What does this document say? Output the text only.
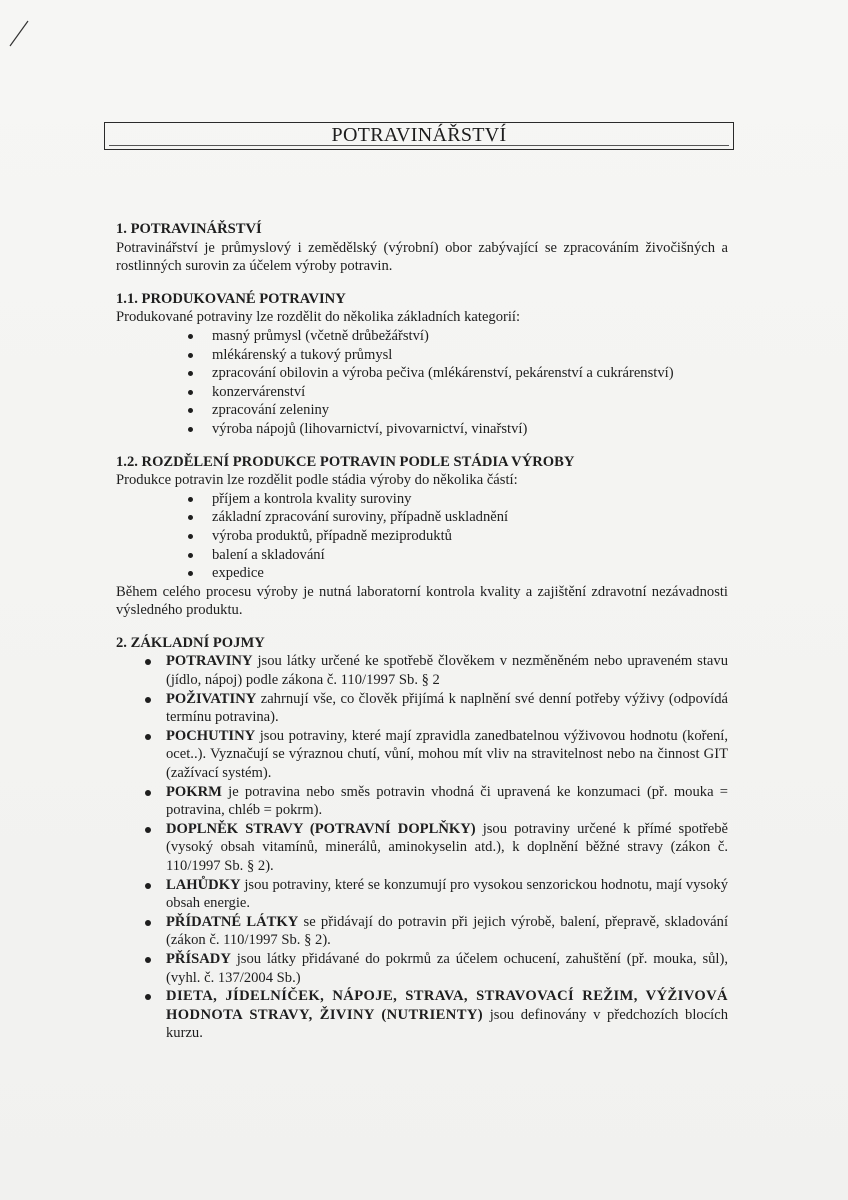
POTRAVINÁŘSTVÍ

1. POTRAVINÁŘSTVÍ

Potravinářství je průmyslový i zemědělský (výrobní) obor zabývající se zpracováním živočišných a rostlinných surovin za účelem výroby potravin.

1.1. PRODUKOVANÉ POTRAVINY

Produkované potraviny lze rozdělit do několika základních kategorií:

masný průmysl (včetně drůbežářství)
mlékárenský a tukový průmysl
zpracování obilovin a výroba pečiva (mlékárenství, pekárenství a cukrárenství)
konzervárenství
zpracování zeleniny
výroba nápojů (lihovarnictví, pivovarnictví, vinařství)

1.2. ROZDĚLENÍ PRODUKCE POTRAVIN PODLE STÁDIA VÝROBY

Produkce potravin lze rozdělit podle stádia výroby do několika částí:

příjem a kontrola kvality suroviny
základní zpracování suroviny, případně uskladnění
výroba produktů, případně meziproduktů
balení a skladování
expedice

Během celého procesu výroby je nutná laboratorní kontrola kvality a zajištění zdravotní nezávadnosti výsledného produktu.

2. ZÁKLADNÍ POJMY

POTRAVINY jsou látky určené ke spotřebě člověkem v nezměněném nebo upraveném stavu (jídlo, nápoj) podle zákona č. 110/1997 Sb. § 2
POŽIVATINY zahrnují vše, co člověk přijímá k naplnění své denní potřeby výživy (odpovídá termínu potravina).
POCHUTINY jsou potraviny, které mají zpravidla zanedbatelnou výživovou hodnotu (koření, ocet..). Vyznačují se výraznou chutí, vůní, mohou mít vliv na stravitelnost nebo na činnost GIT (zažívací systém).
POKRM je potravina nebo směs potravin vhodná či upravená ke konzumaci (př. mouka = potravina, chléb = pokrm).
DOPLNĚK STRAVY (POTRAVNÍ DOPLŇKY) jsou potraviny určené k přímé spotřebě (vysoký obsah vitamínů, minerálů, aminokyselin atd.), k doplnění běžné stravy (zákon č. 110/1997 Sb. § 2).
LAHŮDKY jsou potraviny, které se konzumují pro vysokou senzorickou hodnotu, mají vysoký obsah energie.
PŘÍDATNÉ LÁTKY se přidávají do potravin při jejich výrobě, balení, přepravě, skladování (zákon č. 110/1997 Sb. § 2).
PŘÍSADY jsou látky přidávané do pokrmů za účelem ochucení, zahuštění (př. mouka, sůl), (vyhl. č. 137/2004 Sb.)
DIETA, JÍDELNÍČEK, NÁPOJE, STRAVA, STRAVOVACÍ REŽIM, VÝŽIVOVÁ HODNOTA STRAVY, ŽIVINY (NUTRIENTY) jsou definovány v předchozích blocích kurzu.
